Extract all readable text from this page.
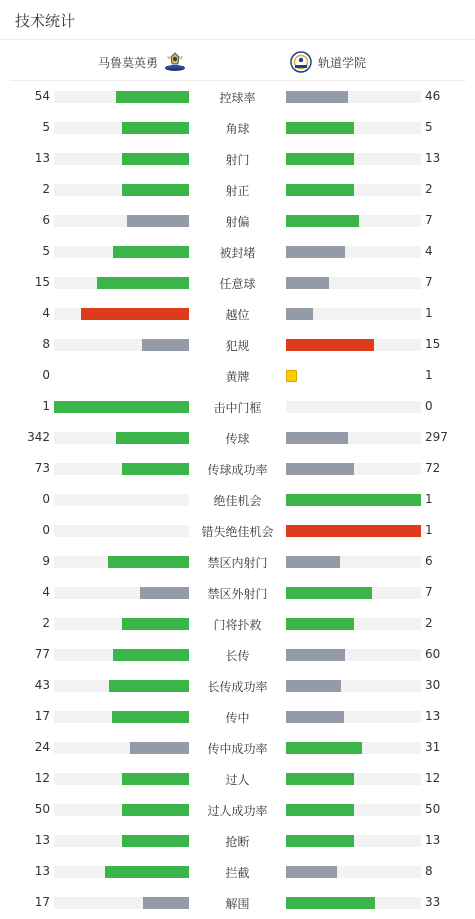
技术统计
马鲁莫英勇	轨道学院
54	控球率	46
5	角球	5
13	射门	13
2	射正	2
6	射偏	7
5	被封堵	4
15	任意球	7
4	越位	1
8	犯规	15
0	黄牌	1
1	击中门框	0
342	传球	297
73	传球成功率	72
0	绝佳机会	1
0	错失绝佳机会	1
9	禁区内射门	6
4	禁区外射门	7
2	门将扑救	2
77	长传	60
43	长传成功率	30
17	传中	13
24	传中成功率	31
12	过人	12
50	过人成功率	50
13	抢断	13
13	拦截	8
17	解围	33
